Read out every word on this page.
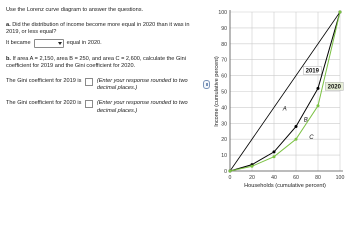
Use the Lorenz curve diagram to answer the questions.

a. Did the distribution of income become more equal in 2020 than it was in 2019, or less equal?

It became	equal in 2020.

b. If area A = 2,150, area B = 250, and area C = 2,600, calculate the Gini coefficient for 2019 and the Gini coefficient for 2020.

The Gini coefficient for 2019 is	(Enter your response rounded to two decimal places.)
The Gini coefficient for 2020 is	(Enter your response rounded to two decimal places.)
0
10
20
30
40
50
60
70
80
90
100
0	20	40	60	80	100
Households (cumulative percent)
Income (cumulative percent)	A
B
C
2019
2020
